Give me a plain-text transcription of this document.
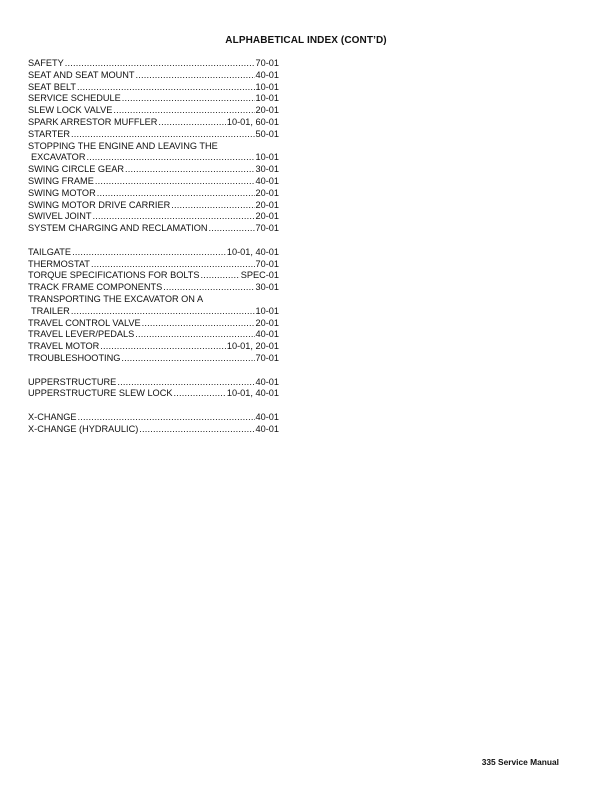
ALPHABETICAL INDEX (CONT’D)
SAFETY .....	70-01
SEAT AND SEAT MOUNT .....	40-01
SEAT BELT .....	10-01
SERVICE SCHEDULE .....	10-01
SLEW LOCK VALVE .....	20-01
SPARK ARRESTOR MUFFLER .....	10-01, 60-01
STARTER .....	50-01
STOPPING THE ENGINE AND LEAVING THE
EXCAVATOR .....	10-01
SWING CIRCLE GEAR .....	30-01
SWING FRAME .....	40-01
SWING MOTOR .....	20-01
SWING MOTOR DRIVE CARRIER .....	20-01
SWIVEL JOINT .....	20-01
SYSTEM CHARGING AND RECLAMATION .....	70-01
TAILGATE .....	10-01, 40-01
THERMOSTAT .....	70-01
TORQUE SPECIFICATIONS FOR BOLTS .....	SPEC-01
TRACK FRAME COMPONENTS .....	30-01
TRANSPORTING THE EXCAVATOR ON A
TRAILER .....	10-01
TRAVEL CONTROL VALVE .....	20-01
TRAVEL LEVER/PEDALS .....	40-01
TRAVEL MOTOR .....	10-01, 20-01
TROUBLESHOOTING .....	70-01
UPPERSTRUCTURE .....	40-01
UPPERSTRUCTURE SLEW LOCK .....	10-01, 40-01
X-CHANGE .....	40-01
X-CHANGE (HYDRAULIC) .....	40-01
335 Service Manual
